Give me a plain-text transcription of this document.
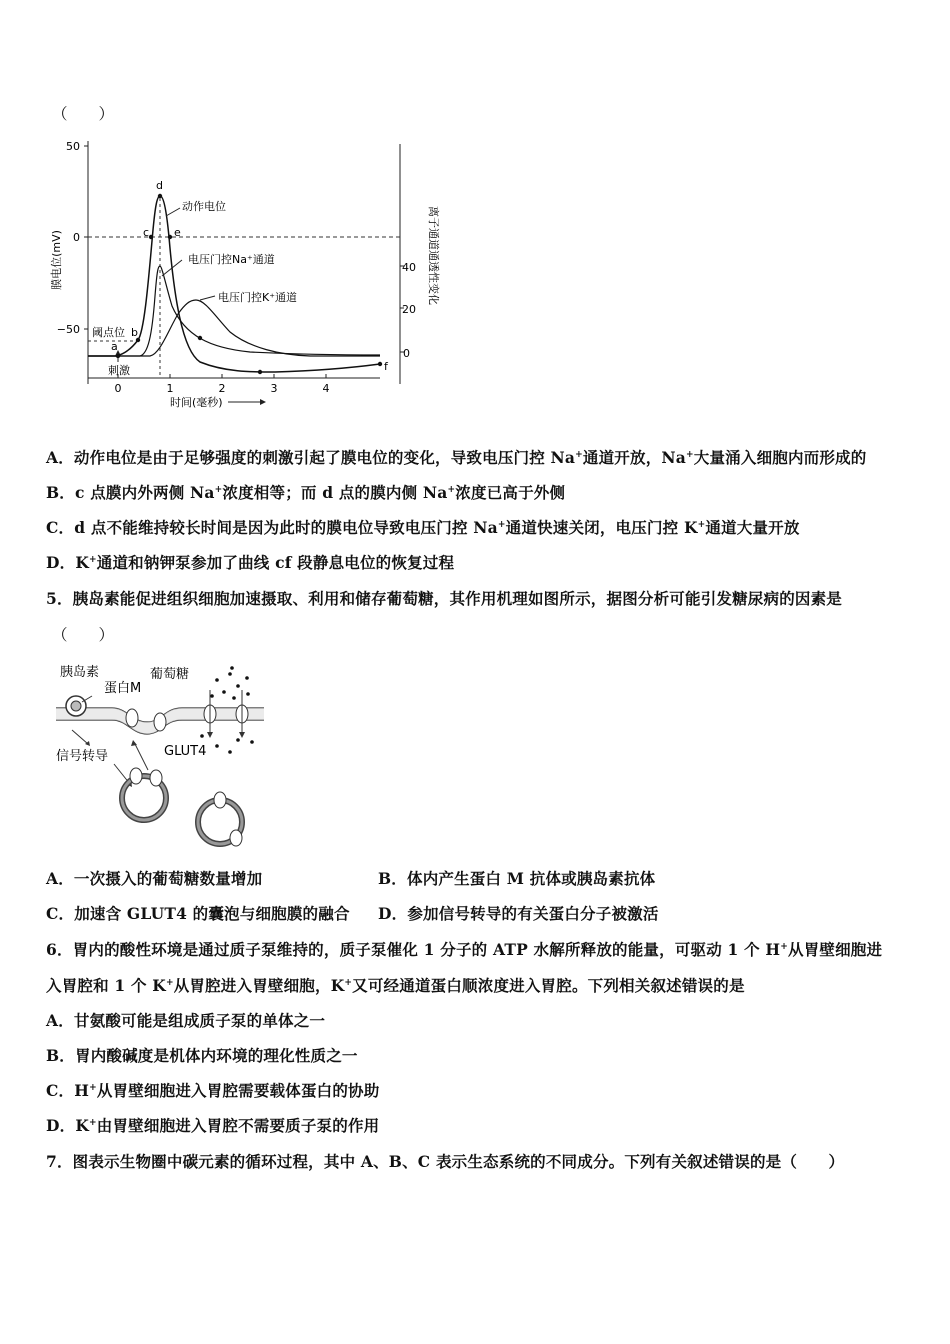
（　　）
50
0
−50
膜电位(mV)	40
20
0
离子通道通透性变化
阈点位
0	1	2	3	4
时间(毫秒)
刺激
a
b
c
d
e
f
动作电位
电压门控Na⁺通道
电压门控K⁺通道
A．动作电位是由于足够强度的刺激引起了膜电位的变化，导致电压门控 Na+通道开放，Na+大量涌入细胞内而形成的
B．c 点膜内外两侧 Na+浓度相等；而 d 点的膜内侧 Na+浓度已高于外侧
C．d 点不能维持较长时间是因为此时的膜电位导致电压门控 Na+通道快速关闭，电压门控 K+通道大量开放
D．K+通道和钠钾泵参加了曲线 cf 段静息电位的恢复过程
5．胰岛素能促进组织细胞加速摄取、利用和储存葡萄糖，其作用机理如图所示，据图分析可能引发糖尿病的因素是
（　　）
胰岛素
蛋白M
葡萄糖
信号转导	GLUT4
A．一次摄入的葡萄糖数量增加	B．体内产生蛋白 M 抗体或胰岛素抗体
C．加速含 GLUT4 的囊泡与细胞膜的融合 D．参加信号转导的有关蛋白分子被激活
6．胃内的酸性环境是通过质子泵维持的，质子泵催化 1 分子的 ATP 水解所释放的能量，可驱动 1 个 H+从胃壁细胞进
入胃腔和 1 个 K+从胃腔进入胃壁细胞，K+又可经通道蛋白顺浓度进入胃腔。下列相关叙述错误的是
A．甘氨酸可能是组成质子泵的单体之一
B．胃内酸碱度是机体内环境的理化性质之一
C．H+从胃壁细胞进入胃腔需要载体蛋白的协助
D．K+由胃壁细胞进入胃腔不需要质子泵的作用
7．图表示生物圈中碳元素的循环过程，其中 A、B、C 表示生态系统的不同成分。下列有关叙述错误的是（　　）
